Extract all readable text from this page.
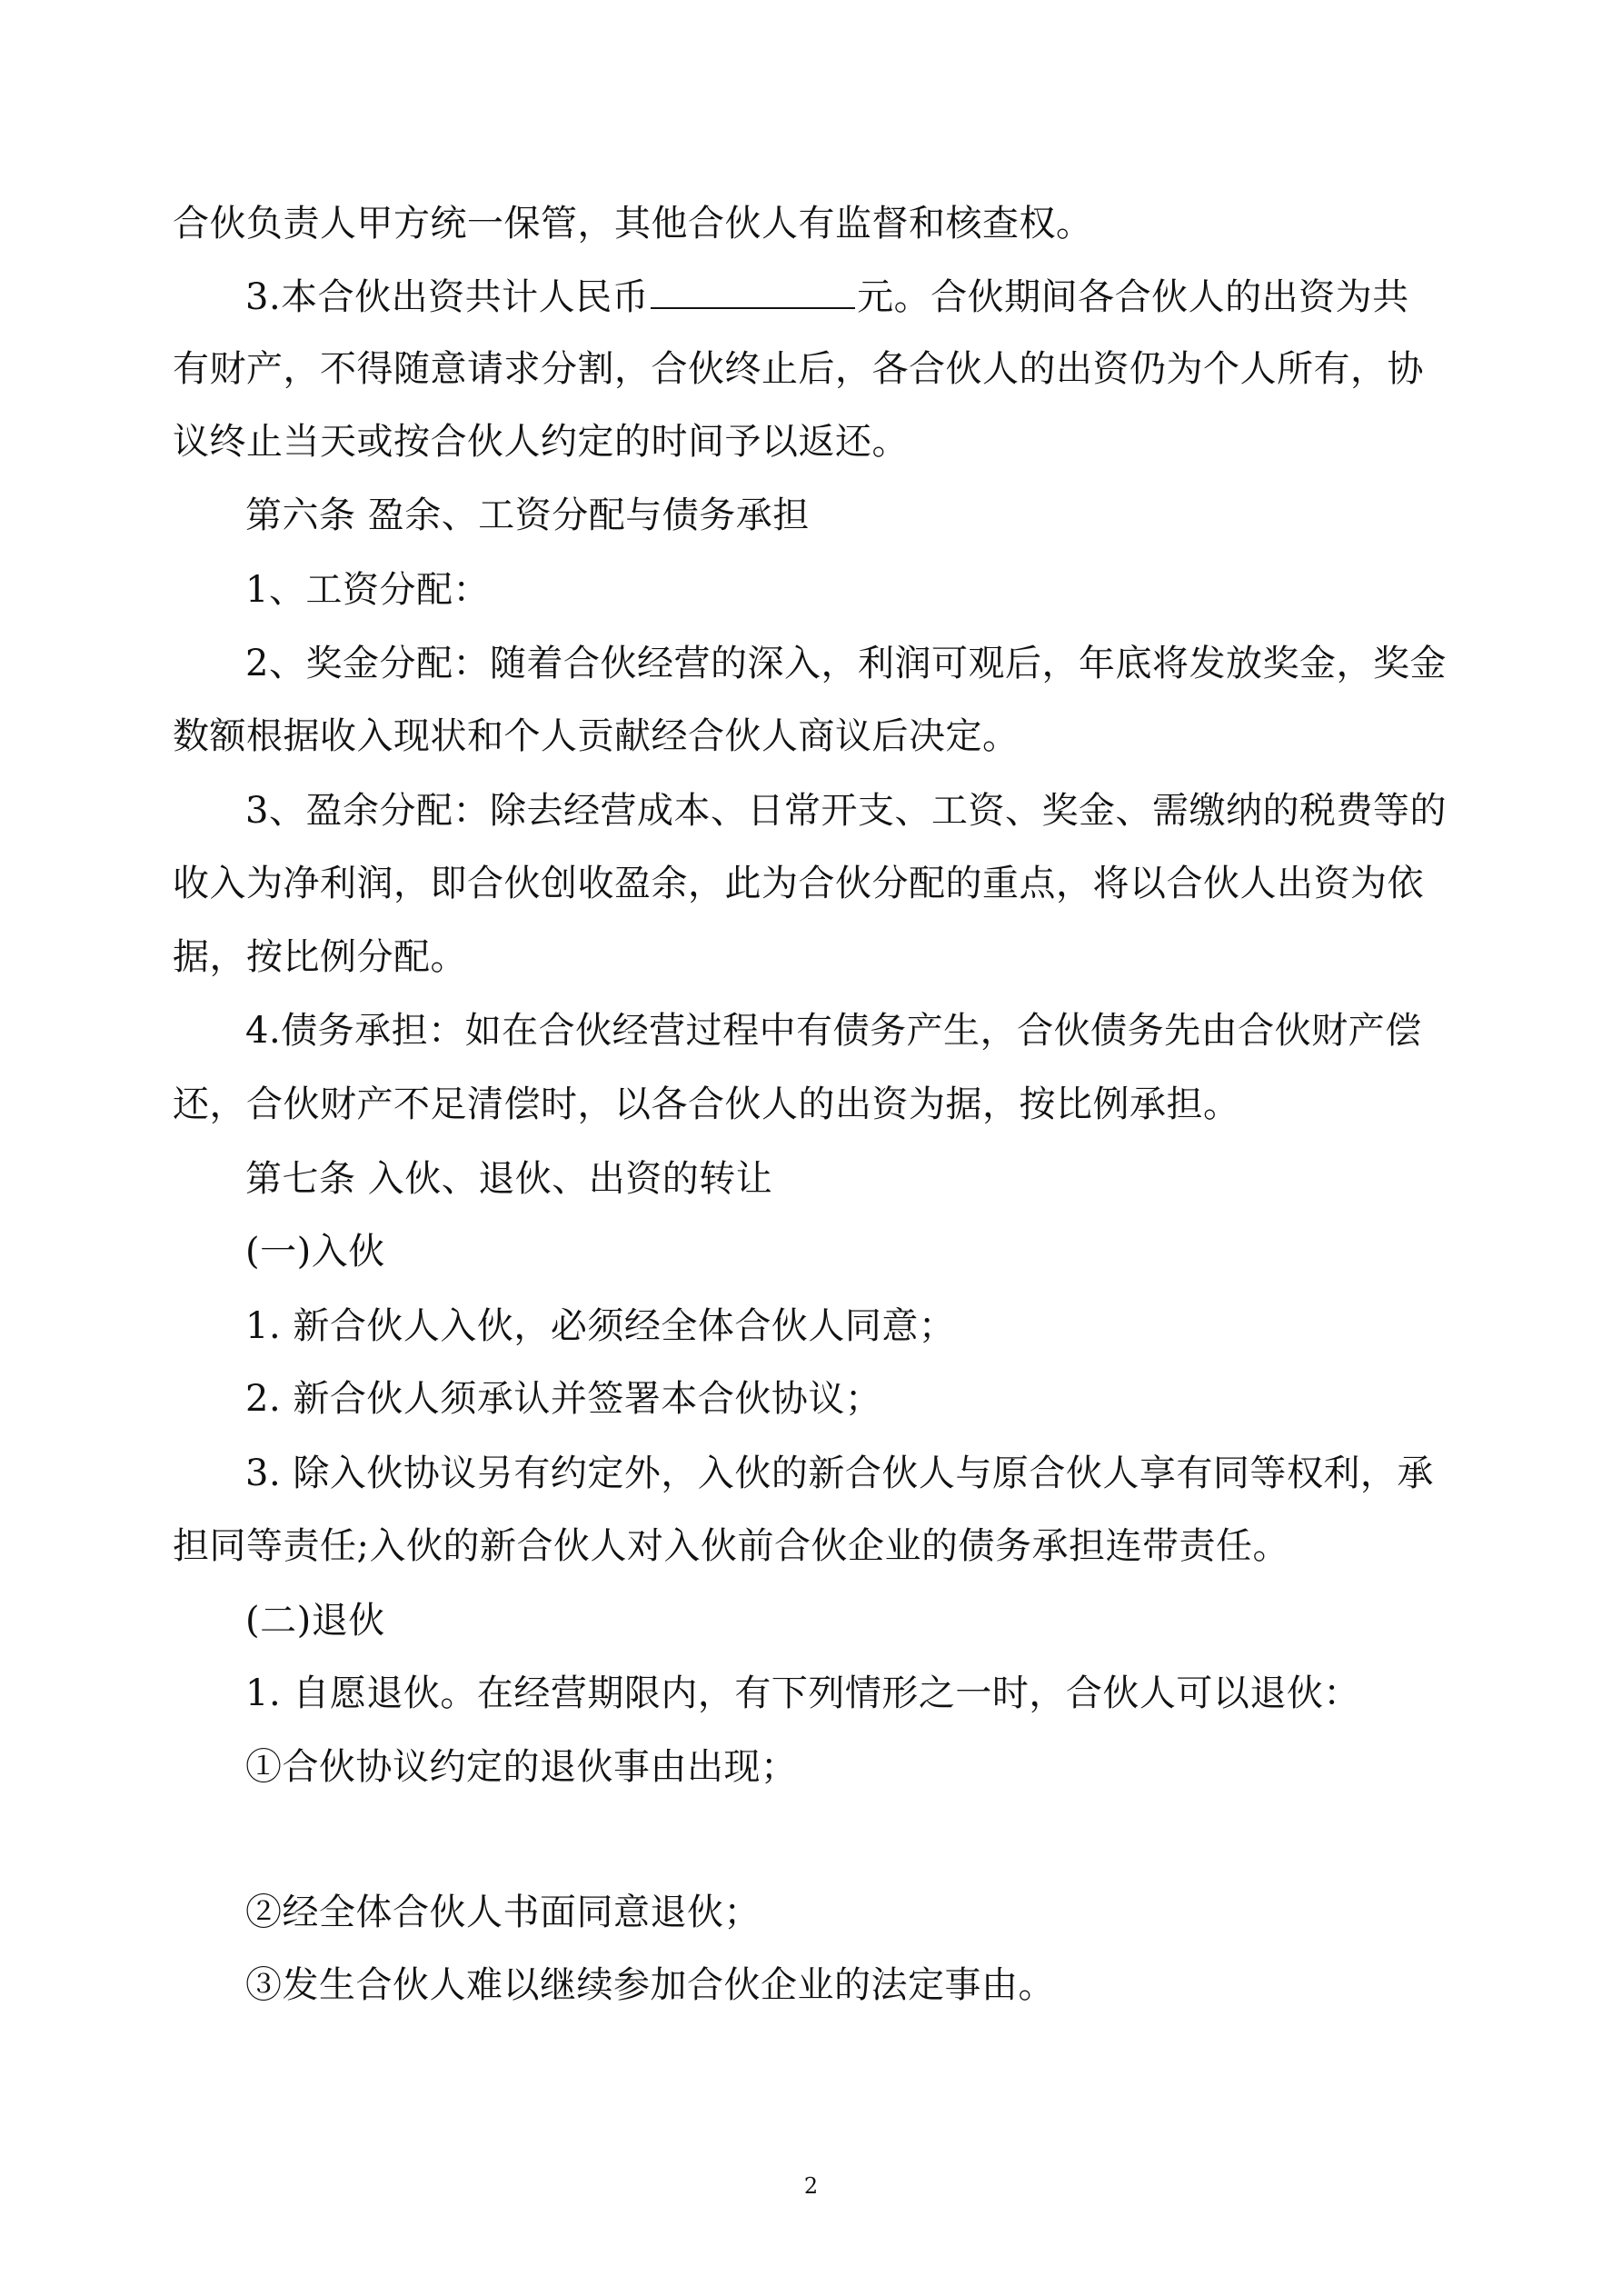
合伙负责人甲方统一保管，其他合伙人有监督和核查权。
3.本合伙出资共计人民币	元。合伙期间各合伙人的出资为共
有财产，不得随意请求分割，合伙终止后，各合伙人的出资仍为个人所有，协
议终止当天或按合伙人约定的时间予以返还。
第六条 盈余、工资分配与债务承担
1、工资分配：
2、奖金分配：随着合伙经营的深入，利润可观后，年底将发放奖金，奖金
数额根据收入现状和个人贡献经合伙人商议后决定。
3、盈余分配：除去经营成本、日常开支、工资、奖金、需缴纳的税费等的
收入为净利润，即合伙创收盈余，此为合伙分配的重点，将以合伙人出资为依
据，按比例分配。
4.债务承担：如在合伙经营过程中有债务产生，合伙债务先由合伙财产偿
还，合伙财产不足清偿时，以各合伙人的出资为据，按比例承担。
第七条 入伙、退伙、出资的转让
(一)入伙
1. 新合伙人入伙，必须经全体合伙人同意；
2. 新合伙人须承认并签署本合伙协议；
3. 除入伙协议另有约定外，入伙的新合伙人与原合伙人享有同等权利，承
担同等责任;入伙的新合伙人对入伙前合伙企业的债务承担连带责任。
(二)退伙
1. 自愿退伙。在经营期限内，有下列情形之一时，合伙人可以退伙：
①合伙协议约定的退伙事由出现；
②经全体合伙人书面同意退伙；
③发生合伙人难以继续参加合伙企业的法定事由。
2
